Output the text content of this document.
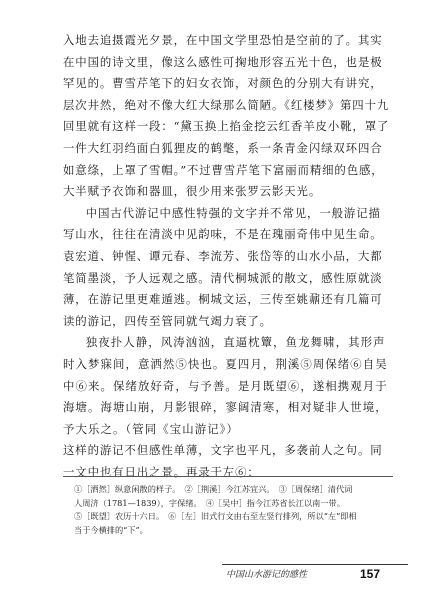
入地去追摄霞光夕景，在中国文学里恐怕是空前的了。其实在中国的诗文里，像这么感性可掬地形容五光十色，也是极罕见的。曹雪芹笔下的妇女衣饰，对颜色的分别大有讲究，层次井然，绝对不像大红大绿那么简陋。《红楼梦》第四十九回里就有这样一段：“黛玉换上掐金挖云红香羊皮小靴，罩了一件大红羽绉面白狐狸皮的鹤氅，系一条青金闪绿双环四合如意绦，上罩了雪帽。”不过曹雪芹笔下富丽而精细的色感，大半赋予衣饰和器皿，很少用来张罗云影天光。

中国古代游记中感性特强的文字并不常见，一般游记描写山水，往往在清淡中见韵味，不是在瑰丽奇伟中见生命。袁宏道、钟惺、谭元春、李流芳、张岱等的山水小品，大都笔简墨淡，予人远观之感。清代桐城派的散文，感性原就淡薄，在游记里更难遁逃。桐城文运，三传至姚鼐还有几篇可读的游记，四传至管同就气竭力衰了。

独夜扑人静，风涛汹汹，直逼枕簟，鱼龙舞啸，其形声时入梦寐间，意洒然⑤快也。夏四月，荆溪⑤周保绪⑥自吴中⑥来。保绪放好奇，与予善。是月既望⑥，遂相携观月于海塘。海塘山崩，月影银碎，寥阔清寒，相对疑非人世境，予大乐之。（管同《宝山游记》）

这样的游记不但感性单薄，文字也平凡，多袭前人之句。同一文中也有日出之景。再录于左⑥：

①［洒然］纵意闲散的样子。　②［荆溪］今江苏宜兴。　③［周保绪］清代词
人周济（1781—1839），字保绪。　④［吴中］指今江苏省长江以南一带。
⑤［既望］农历十六日。　⑥［左］旧式行文由右至左竖行排列，所以“左”即相
当于今横排的“下”。
中国山水游记的感性	157
